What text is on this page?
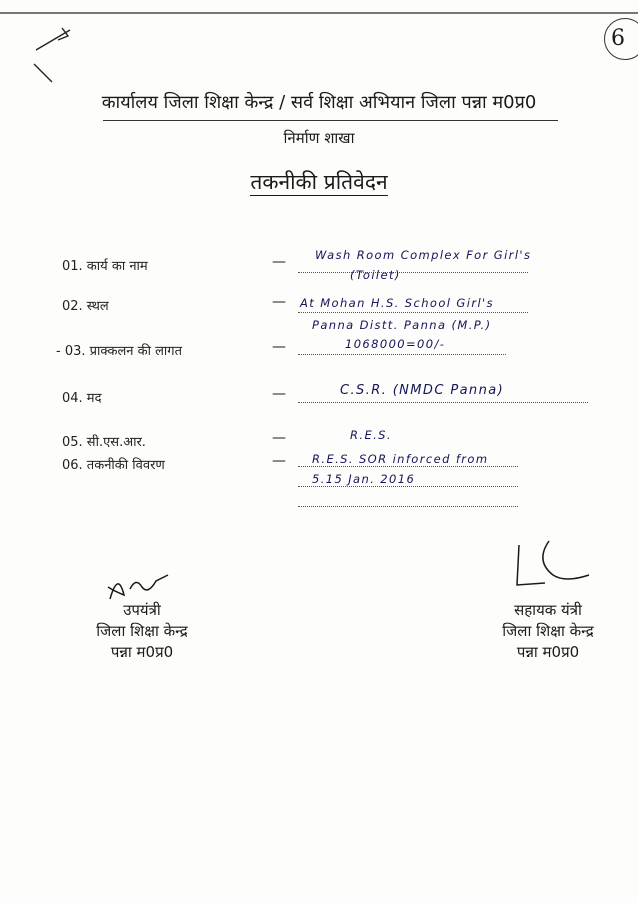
6
कार्यालय जिला शिक्षा केन्द्र / सर्व शिक्षा अभियान जिला पन्ना म0प्र0
निर्माण शाखा
तकनीकी प्रतिवेदन
01. कार्य का नाम	—	Wash Room Complex For Girl's
(Toilet)
02. स्थल	— At Mohan H.S. School Girl's
Panna Distt. Panna (M.P.)
- 03. प्राक्कलन की लागत	—	1068000=00/-
04. मद	—	C.S.R. (NMDC Panna)
05. सी.एस.आर.	—	R.E.S.
06. तकनीकी विवरण	— R.E.S. SOR inforced from
5.15 Jan. 2016
उपयंत्री
जिला शिक्षा केन्द्र
पन्ना म0प्र0
सहायक यंत्री
जिला शिक्षा केन्द्र
पन्ना म0प्र0
